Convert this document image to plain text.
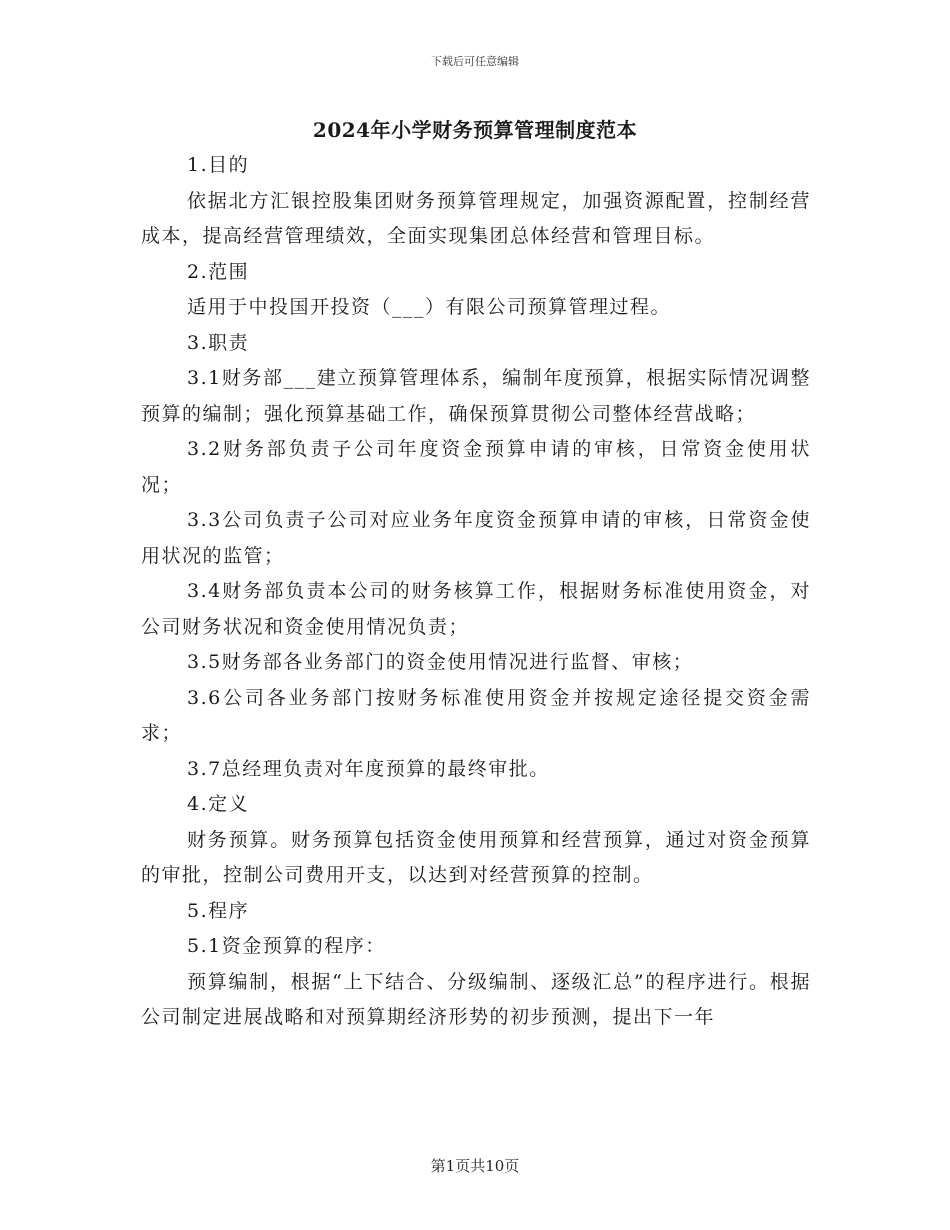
下载后可任意编辑
2024年小学财务预算管理制度范本

1.目的

依据北方汇银控股集团财务预算管理规定，加强资源配置，控制经营成本，提高经营管理绩效，全面实现集团总体经营和管理目标。

2.范围

适用于中投国开投资（___）有限公司预算管理过程。

3.职责

3.1财务部___建立预算管理体系，编制年度预算，根据实际情况调整预算的编制；强化预算基础工作，确保预算贯彻公司整体经营战略；

3.2财务部负责子公司年度资金预算申请的审核，日常资金使用状况；

3.3公司负责子公司对应业务年度资金预算申请的审核，日常资金使用状况的监管；

3.4财务部负责本公司的财务核算工作，根据财务标准使用资金，对公司财务状况和资金使用情况负责；

3.5财务部各业务部门的资金使用情况进行监督、审核；

3.6公司各业务部门按财务标准使用资金并按规定途径提交资金需求；

3.7总经理负责对年度预算的最终审批。

4.定义

财务预算。财务预算包括资金使用预算和经营预算，通过对资金预算的审批，控制公司费用开支，以达到对经营预算的控制。

5.程序

5.1资金预算的程序：

预算编制，根据“上下结合、分级编制、逐级汇总”的程序进行。根据公司制定进展战略和对预算期经济形势的初步预测，提出下一年

第1页共10页
